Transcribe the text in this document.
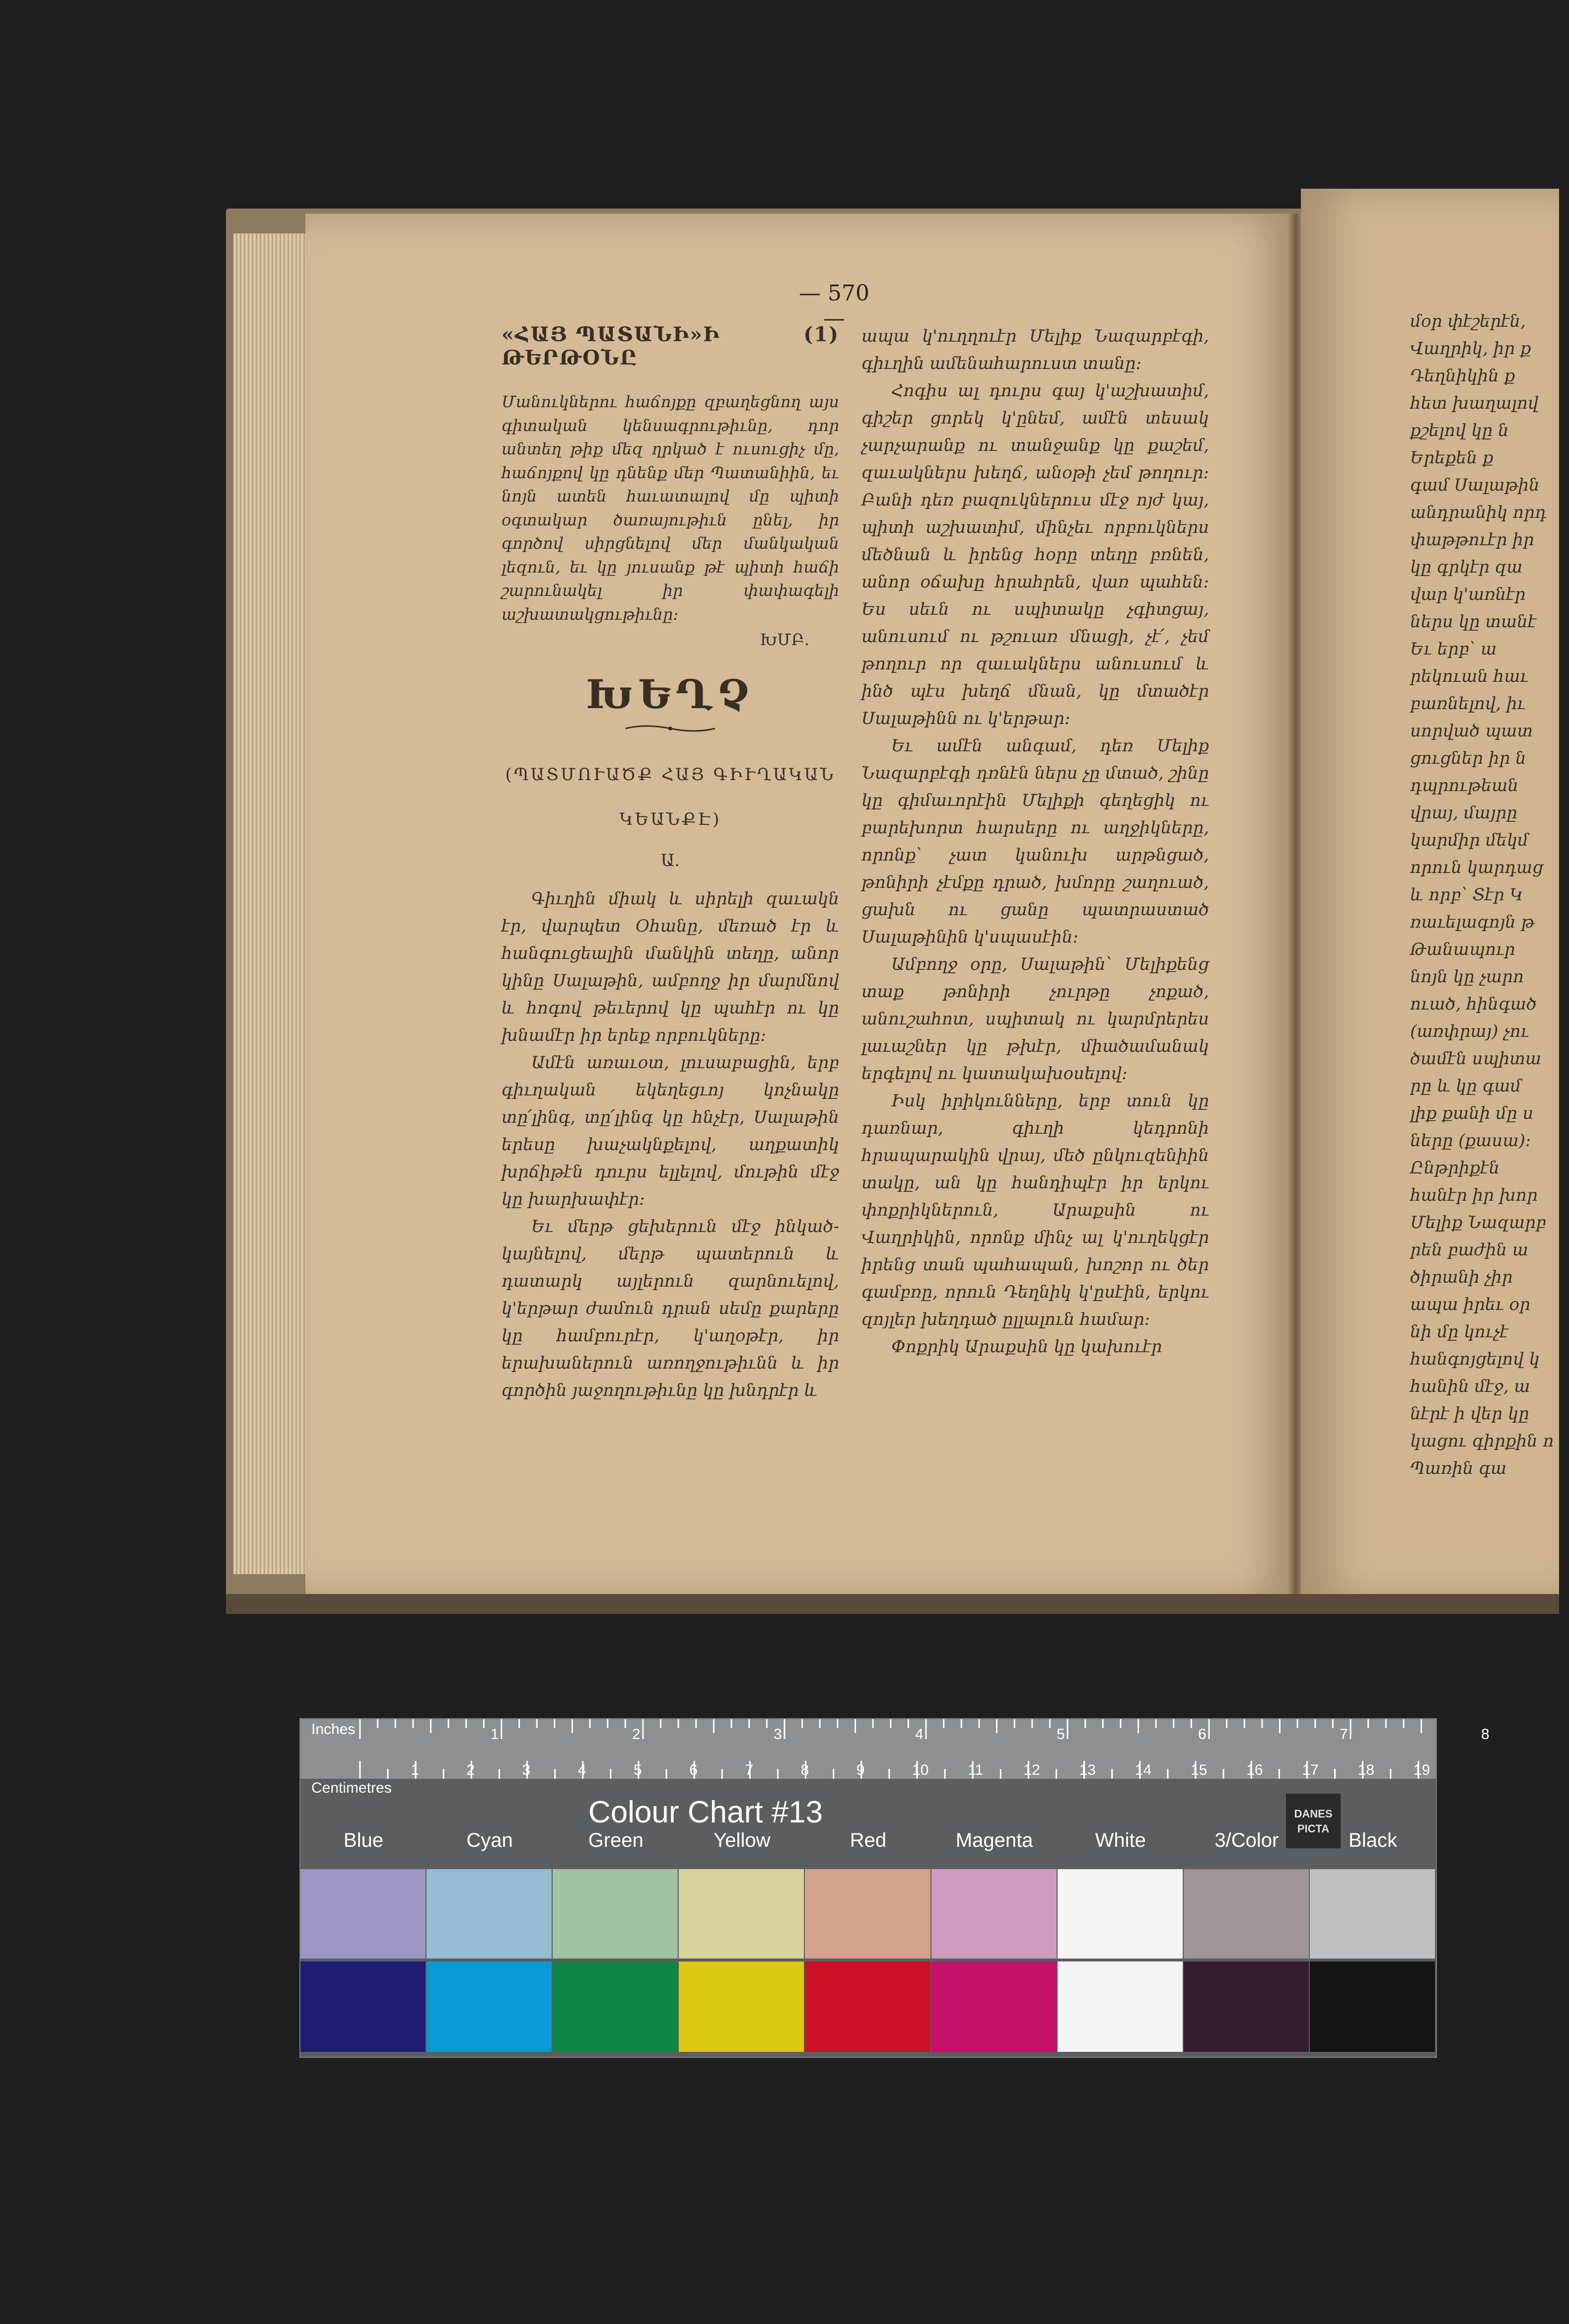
— 570 —
«ՀԱՅ ՊԱՏԱՆԻ»Ի ԹԵՐԹՕՆԸ
(1)
Մանուկներու հաճոյքը զբաղեցնող այս գիտական կենսագրութիւնը, դոր անտեղ թիք մեզ ղրկած է ուսուցիչ մը, հաճոյքով կը դնենք մեր Պատանիին, եւ նոյն ատեն հաւատալով մը պիտի օգտակար ծառայութիւն ընել, իր գործով սիրցնելով մեր մանկական լեզուն, եւ կը յուսանք թէ պիտի հաճի շարունակել իր փափագելի աշխատակցութիւնը։
ԽՄԲ.
ԽԵՂՉ
(ՊԱՏՄՈՒԱԾՔ ՀԱՅ ԳԻՒՂԱԿԱՆ
ԿԵԱՆՔԷ)
Ա.

Գիւղին միակ և սիրելի զաւակն էր, վարպետ Օհանը, մեռած էր և հանգուցեալին մանկին տեղը, անոր կինը Սալաթին, ամբողջ իր մարմնով և հոգով թեւերով կը պահէր ու կը խնամէր իր երեք որբուկները։

Ամէն առաւօտ, լուսաբացին, երբ գիւղական եկեղեցւոյ կոչնակը տը՛լինգ, տը՛լինգ կը հնչէր, Սալաթին երեսը խաչակնքելով, աղքատիկ խրճիթէն դուրս ելլելով, մութին մէջ կը խարխափէր։

Եւ մերթ ցեխերուն մէջ ինկած-կայնելով, մերթ պատերուն և դատարկ այլերուն զարնուելով, կ'երթար ժամուն դրան սեմը քարերը կը համբուրէր, կ'աղօթէր, իր երախաներուն առողջութիւնն և իր գործին յաջողութիւնը կը խնդրէր և

ապա կ'ուղղուէր Մելիք Նազարբէգի, գիւղին ամենահարուստ տանը։

Հոգիս ալ դուրս գայ կ'աշխատիմ, գիշեր ցորեկ կ'ընեմ, ամէն տեսակ չարչարանք ու տանջանք կը քաշեմ, զաւակներս խեղճ, անօթի չեմ թողուր։ Բանի դեռ բազուկներուս մէջ ոյժ կայ, պիտի աշխատիմ, մինչեւ որբուկներս մեծնան և իրենց հօրը տեղը բռնեն, անոր օճախը հրահրեն, վառ պահեն։ Ես սեւն ու սպիտակը չգիտցայ, անուսում ու թշուառ մնացի, չէ՛, չեմ թողուր որ զաւակներս անուսում և ինծ պէս խեղճ մնան, կը մտածէր Սալաթինն ու կ'երթար։

Եւ ամէն անգամ, դեռ Մելիք Նազարբէգի դռնէն ներս չը մտած, շինը կը գիմաւորէին Մելիքի գեղեցիկ ու բարեխորտ հարսերը ու աղջիկները, որոնք՝ չատ կանուխ արթնցած, թոնիրի չէմքը դրած, խմորը շաղուած, ցախն ու ցանը պատրաստած Սալաթինին կ'սպասէին։

Ամբողջ օրը, Սալաթին՝ Մելիքենց տաք թոնիրի չուրթը չոքած, անուշահոտ, սպիտակ ու կարմրերես լաւաշներ կը թխէր, միածամանակ երգելով ու կատակախօսելով։

Իսկ իրիկունները, երբ տուն կը դառնար, գիւղի կեդրոնի հրապարակին վրայ, մեծ ընկուզենիին տակը, ան կը հանդիպէր իր երկու փոքրիկներուն, Արաքսին ու Վաղրիկին, որոնք մինչ ալ կ'ուղեկցէր իրենց տան պահապան, խոշոր ու ծեր գամբռը, որուն Դեղնիկ կ'ըսէին, երկու զոյլեր խեղդած ըլլալուն համար։

Փոքրիկ Արաքսին կը կախուէր

մօր փէշերէն,
Վաղրիկ, իր ք
Դեղնիկին ք
հետ խաղալով
քշելով կը ն
Երեքեն ք
գամ Սալաթին
անդրանիկ որդ
փաթթուէր իր
կը գրկէր զա
վար կ'առնէր
ներս կը տանէ
Եւ երբ՝ ա
րեկուան հաւ
բառնելով, իւ
սորված պատ
ցուցներ իր ն
դպրութեան
վրայ, մայրը
կարմիր մեկմ
որուն կարդաց
և որբ՝ Տէր Կ
ռաւելագոյն թ
Թանապուր
նոյն կը չարո
ուած, հինգած
(առփրայ) չու
ծամէն սպիտա
րը և կը գամ
լիք քանի մը ս
ները (քասա)։
Ընթրիքէն
հանէր իր խոր
Մելիք Նազարբ
րեն բաժին ա
ծիրանի չիր
ապա իրեւ օր
նի մը կուչէ
հանգոյցելով կ
հանին մէջ, ա
նէրէ ի վեր կը
կացու գիրքին ո
Պառին գա
1	2	3	4	5	6	7	8
1	2	3	4	5	6	7	8	9	10	11	12	13	14	15	16	17	18	19
Inches
Centimetres
Colour Chart #13	DANES
PICTA
Blue	Cyan	Green	Yellow	Red	Magenta	White	3/Color	Black
